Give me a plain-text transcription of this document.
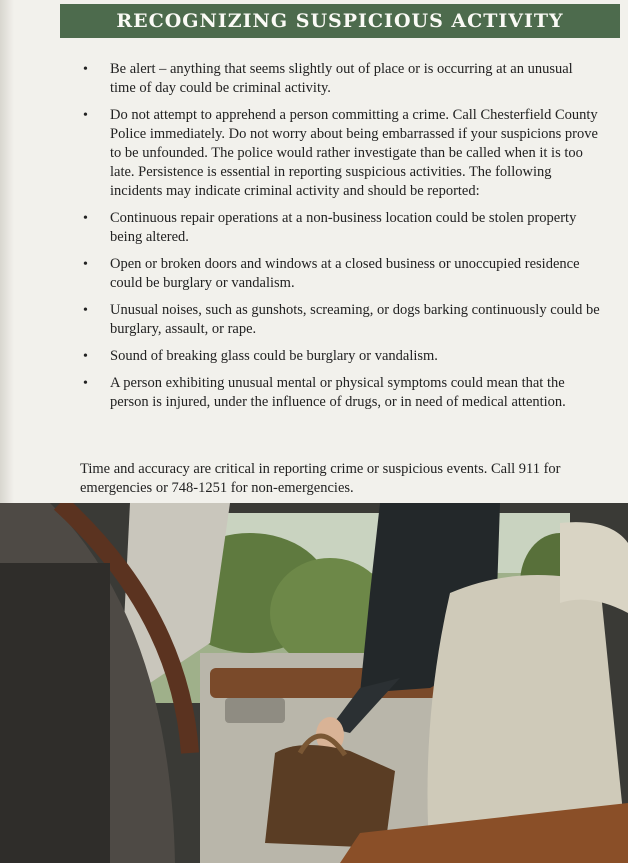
RECOGNIZING SUSPICIOUS ACTIVITY
• Be alert – anything that seems slightly out of place or is occurring at an unusual time of day could be criminal activity.
• Do not attempt to apprehend a person committing a crime. Call Chesterfield County Police immediately. Do not worry about being embarrassed if your suspicions prove to be unfounded. The police would rather investigate than be called when it is too late. Persistence is essential in reporting suspicious activities. The following incidents may indicate criminal activity and should be reported:
• Continuous repair operations at a non-business location could be stolen property being altered.
• Open or broken doors and windows at a closed business or unoccupied residence could be burglary or vandalism.
• Unusual noises, such as gunshots, screaming, or dogs barking continuously could be burglary, assault, or rape.
• Sound of breaking glass could be burglary or vandalism.
• A person exhibiting unusual mental or physical symptoms could mean that the person is injured, under the influence of drugs, or in need of medical attention.

Time and accuracy are critical in reporting crime or suspicious events. Call 911 for emergencies or 748-1251 for non-emergencies.
